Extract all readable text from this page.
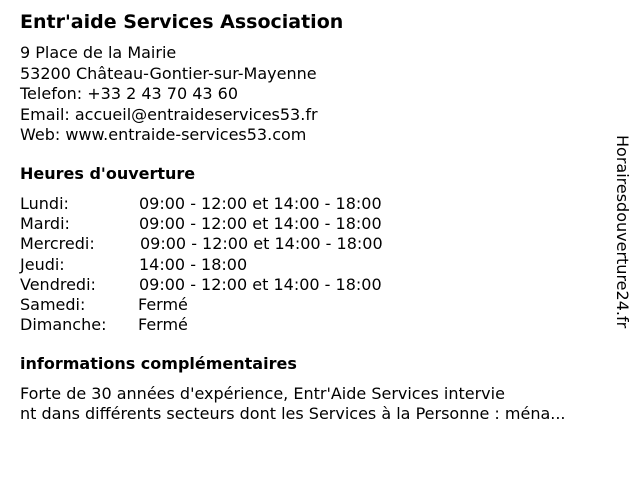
Entr'aide Services Association
9 Place de la Mairie
53200 Château-Gontier-sur-Mayenne
Telefon: +33 2 43 70 43 60
Email: accueil@entraideservices53.fr
Web: www.entraide-services53.com
Heures d'ouverture
Lundi:	09:00 - 12:00 et 14:00 - 18:00
Mardi:	09:00 - 12:00 et 14:00 - 18:00
Mercredi:	09:00 - 12:00 et 14:00 - 18:00
Jeudi:	14:00 - 18:00
Vendredi:	09:00 - 12:00 et 14:00 - 18:00
Samedi:	Fermé
Dimanche: Fermé
informations complémentaires
Forte de 30 années d'expérience, Entr'Aide Services intervie
nt dans différents secteurs dont les Services à la Personne : ména...
Horairesdouverture24.fr
